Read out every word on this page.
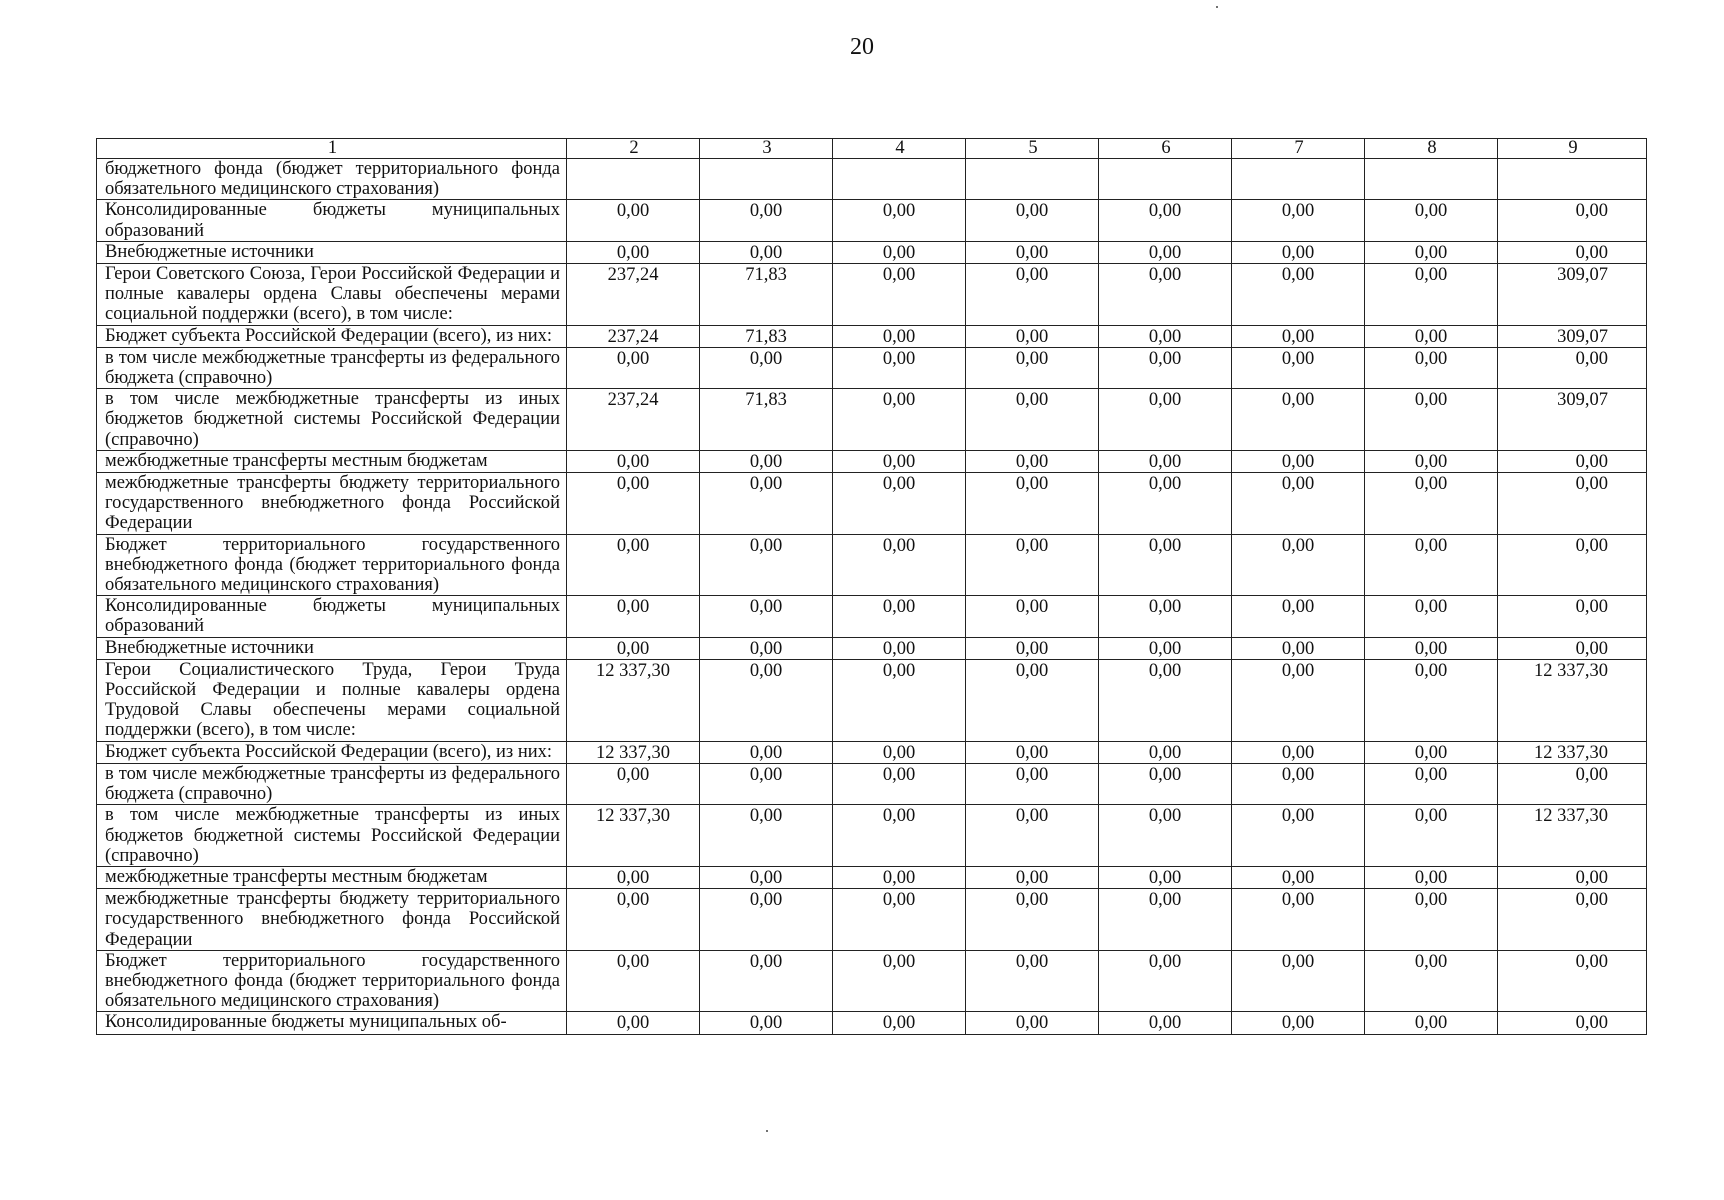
20
1	2	3	4	5	6	7	8	9
бюджетного фонда (бюджет территориального фонда обязательного медицинского страхования)								
Консолидированные бюджеты муниципальных образований	0,00	0,00	0,00	0,00	0,00	0,00	0,00	0,00
Внебюджетные источники	0,00	0,00	0,00	0,00	0,00	0,00	0,00	0,00
Герои Советского Союза, Герои Российской Федерации и полные кавалеры ордена Славы обеспечены мерами социальной поддержки (всего), в том числе:	237,24	71,83	0,00	0,00	0,00	0,00	0,00	309,07
Бюджет субъекта Российской Федерации (всего), из них:	237,24	71,83	0,00	0,00	0,00	0,00	0,00	309,07
в том числе межбюджетные трансферты из федерального бюджета (справочно)	0,00	0,00	0,00	0,00	0,00	0,00	0,00	0,00
в том числе межбюджетные трансферты из иных бюджетов бюджетной системы Российской Федерации (справочно)	237,24	71,83	0,00	0,00	0,00	0,00	0,00	309,07
межбюджетные трансферты местным бюджетам	0,00	0,00	0,00	0,00	0,00	0,00	0,00	0,00
межбюджетные трансферты бюджету территориального государственного внебюджетного фонда Российской Федерации	0,00	0,00	0,00	0,00	0,00	0,00	0,00	0,00
Бюджет территориального государственного внебюджетного фонда (бюджет территориального фонда обязательного медицинского страхования)	0,00	0,00	0,00	0,00	0,00	0,00	0,00	0,00
Консолидированные бюджеты муниципальных образований	0,00	0,00	0,00	0,00	0,00	0,00	0,00	0,00
Внебюджетные источники	0,00	0,00	0,00	0,00	0,00	0,00	0,00	0,00
Герои Социалистического Труда, Герои Труда Российской Федерации и полные кавалеры ордена Трудовой Славы обеспечены мерами социальной поддержки (всего), в том числе:	12 337,30	0,00	0,00	0,00	0,00	0,00	0,00	12 337,30
Бюджет субъекта Российской Федерации (всего), из них:	12 337,30	0,00	0,00	0,00	0,00	0,00	0,00	12 337,30
в том числе межбюджетные трансферты из федерального бюджета (справочно)	0,00	0,00	0,00	0,00	0,00	0,00	0,00	0,00
в том числе межбюджетные трансферты из иных бюджетов бюджетной системы Российской Федерации (справочно)	12 337,30	0,00	0,00	0,00	0,00	0,00	0,00	12 337,30
межбюджетные трансферты местным бюджетам	0,00	0,00	0,00	0,00	0,00	0,00	0,00	0,00
межбюджетные трансферты бюджету территориального государственного внебюджетного фонда Российской Федерации	0,00	0,00	0,00	0,00	0,00	0,00	0,00	0,00
Бюджет территориального государственного внебюджетного фонда (бюджет территориального фонда обязательного медицинского страхования)	0,00	0,00	0,00	0,00	0,00	0,00	0,00	0,00
Консолидированные бюджеты муниципальных об-	0,00	0,00	0,00	0,00	0,00	0,00	0,00	0,00
